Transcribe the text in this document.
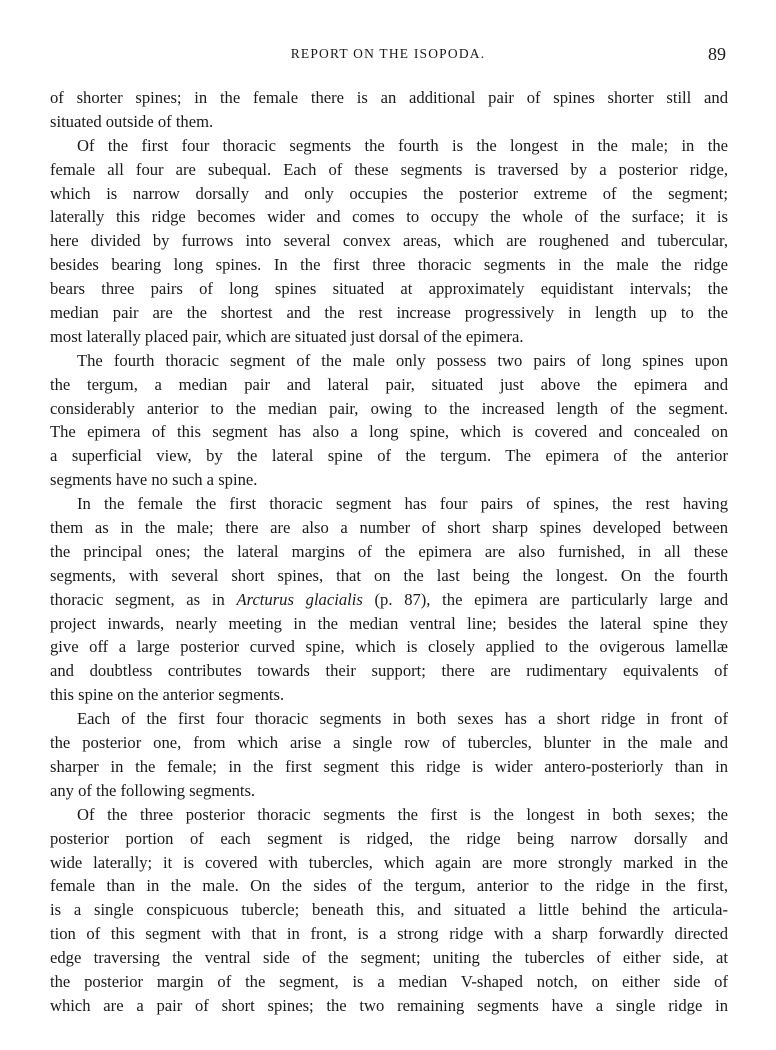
REPORT ON THE ISOPODA.	89
of shorter spines; in the female there is an additional pair of spines shorter still and
situated outside of them.
Of the first four thoracic segments the fourth is the longest in the male; in the
female all four are subequal. Each of these segments is traversed by a posterior ridge,
which is narrow dorsally and only occupies the posterior extreme of the segment;
laterally this ridge becomes wider and comes to occupy the whole of the surface; it is
here divided by furrows into several convex areas, which are roughened and tubercular,
besides bearing long spines. In the first three thoracic segments in the male the ridge
bears three pairs of long spines situated at approximately equidistant intervals; the
median pair are the shortest and the rest increase progressively in length up to the
most laterally placed pair, which are situated just dorsal of the epimera.
The fourth thoracic segment of the male only possess two pairs of long spines upon
the tergum, a median pair and lateral pair, situated just above the epimera and
considerably anterior to the median pair, owing to the increased length of the segment.
The epimera of this segment has also a long spine, which is covered and concealed on
a superficial view, by the lateral spine of the tergum. The epimera of the anterior
segments have no such a spine.
In the female the first thoracic segment has four pairs of spines, the rest having
them as in the male; there are also a number of short sharp spines developed between
the principal ones; the lateral margins of the epimera are also furnished, in all these
segments, with several short spines, that on the last being the longest. On the fourth
thoracic segment, as in Arcturus glacialis (p. 87), the epimera are particularly large and
project inwards, nearly meeting in the median ventral line; besides the lateral spine they
give off a large posterior curved spine, which is closely applied to the ovigerous lamellæ
and doubtless contributes towards their support; there are rudimentary equivalents of
this spine on the anterior segments.
Each of the first four thoracic segments in both sexes has a short ridge in front of
the posterior one, from which arise a single row of tubercles, blunter in the male and
sharper in the female; in the first segment this ridge is wider antero-posteriorly than in
any of the following segments.
Of the three posterior thoracic segments the first is the longest in both sexes; the
posterior portion of each segment is ridged, the ridge being narrow dorsally and
wide laterally; it is covered with tubercles, which again are more strongly marked in the
female than in the male. On the sides of the tergum, anterior to the ridge in the first,
is a single conspicuous tubercle; beneath this, and situated a little behind the articula-
tion of this segment with that in front, is a strong ridge with a sharp forwardly directed
edge traversing the ventral side of the segment; uniting the tubercles of either side, at
the posterior margin of the segment, is a median V-shaped notch, on either side of
which are a pair of short spines; the two remaining segments have a single ridge in
